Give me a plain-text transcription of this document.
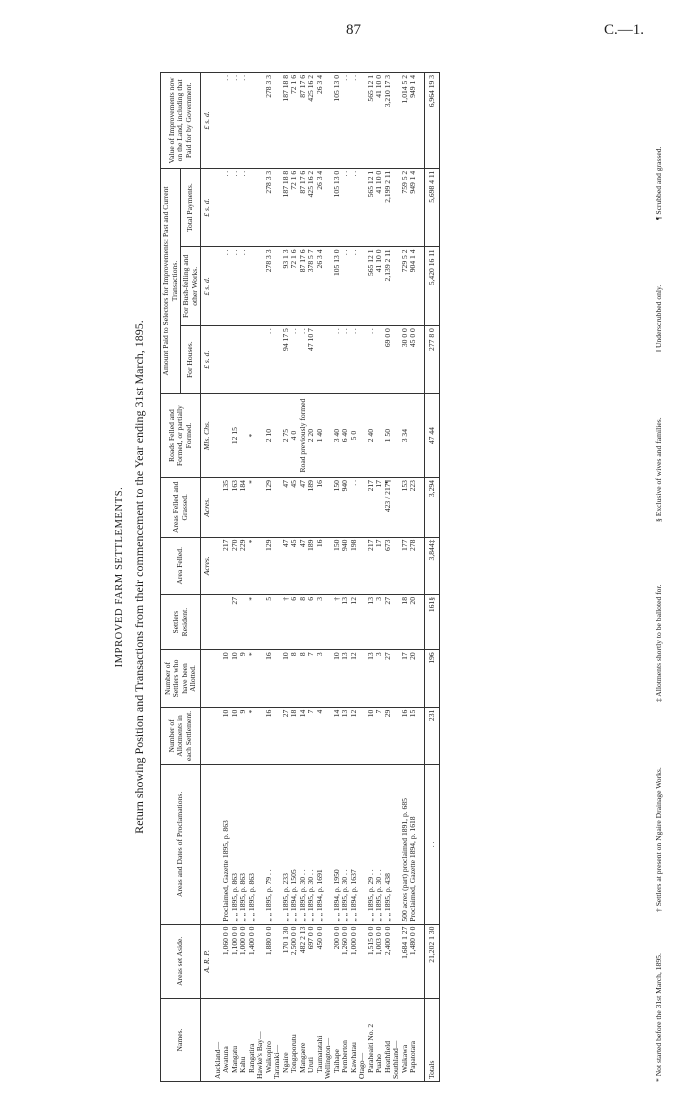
87	C.—1.
IMPROVED FARM SETTLEMENTS. Return showing Position and Transactions from their commencement to the Year ending 31st March, 1895.
Names.	Areas set Aside.	Areas and Dates of Proclamations.	Number of Allotments in each Settlement.	Number of Settlers who have been Allotted.	Settlers Resident.	Area Felled.	Areas Felled and Grassed.	Roads Felled and Formed, or partially Formed.	Amount Paid to Selectors for Improvements: Past and Current Transactions.			Value of Improvements now on the Land, including that Paid for by Government.
									For Houses.	For Bush-felling and other Works.	Total Payments.	
	A. R. P.					Acres.	Acres.	Mls. Chs.	£ s. d.	£ s. d.	£ s. d.	£ s. d.
Auckland—												
Awatuna	1,060 0 0	Proclaimed, Gazette 1895, p. 863	10	10		217	135			. .	. .	. .
Mangatu	1,100 0 0	„ „ 1895, p. 863	10	10	27	270	163	12 15		. .	. .	. .
Kahu	1,000 0 0	„ „ 1895, p. 863	9	9		229	184			. .	. .	. .
Rangatira	1,400 0 0	„ „ 1895, p. 863	*	*	*	*	*	*				
Hawke's Bay—												
Waikopiro	1,880 0 0	„ „ 1895, p. 79 . .	16	16	5	129	129	2 10	. .	278 3 3	278 3 3	278 3 3
Taranaki—												
Ngaire	170 1 30	„ „ 1895, p. 233	27	10	†	47	47	2 75	94 17 5	93 1 3	187 18 8	187 18 8
Tongaporutu	2,500 0 0	„ „ 1894, p. 1505	18	8	6	45	45	4 0	. .	72 1 6	72 1 6	72 1 6
Mangaere	482 2 13	„ „ 1895, p. 30 . .	14	8	8	47	47	Road previously formed	. .	87 17 6	87 17 6	87 17 6
Uruti	697 0 0	„ „ 1895, p. 30 . .	7	7	6	189	189	2 20	47 10 7	378 5 7	425 16 2	425 16 2
Taumatatahi	450 0 0	„ „ 1894, p. 1691	4	3	3	16	16	1 40		26 3 4	26 3 4	26 3 4
Wellington—												
Taihape	200 0 0	„ „ 1894, p. 1950	14	10	†	150	150	3 40	. .	105 13 0	105 13 0	105 13 0
Pemberton	1,260 0 0	„ „ 1895, p. 30 . .	13	13	13	940	940	6 40	. .	. .	. .	. .
Kawhatau	1,000 0 0	„ „ 1894, p. 1637	12	12	12	198	. .	5 0	. .	. .	. .	. .
Otago—												
Paraheaiti No. 2	1,515 0 0	„ „ 1895, p. 29 . .	10	13	13	217	217	2 40	. .	565 12 1	565 12 1	565 12 1
Puaho	1,003 0 0	„ „ 1895, p. 30 . .	7	3	3	17	17			41 10 0	41 10 0	41 10 0
Heathfield	2,400 0 0	„ „ 1895, p. 438	29	27	27	673	423 / 217¶	1 50	69 0 0	2,139 2 11	2,199 2 11	3,210 17 3
Southland—												
Waikawa	1,684 1 27	500 acres (part) proclaimed 1891, p. 685	16	17	18	177	153	3 34	30 0 0	729 5 2	759 5 2	1,014 5 2
Papatotara	1,480 0 0	Proclaimed, Gazette 1894, p. 1618	15	20	20	278	223		45 0 0	904 1 4	949 1 4	949 1 4

Totals	21,202 1 30	. .	231	196	161§	3,844‡	3,294	47 44	277 8 0	5,420 16 11	5,698 4 11	6,964 19 3
* Not started before the 31st March, 1895.
† Settlers at present on Ngaire Drainage Works.
‡ Allotments shortly to be balloted for.
§ Exclusive of wives and families.
‖ Underscrubbed only.
¶ Scrubbed and grassed.
